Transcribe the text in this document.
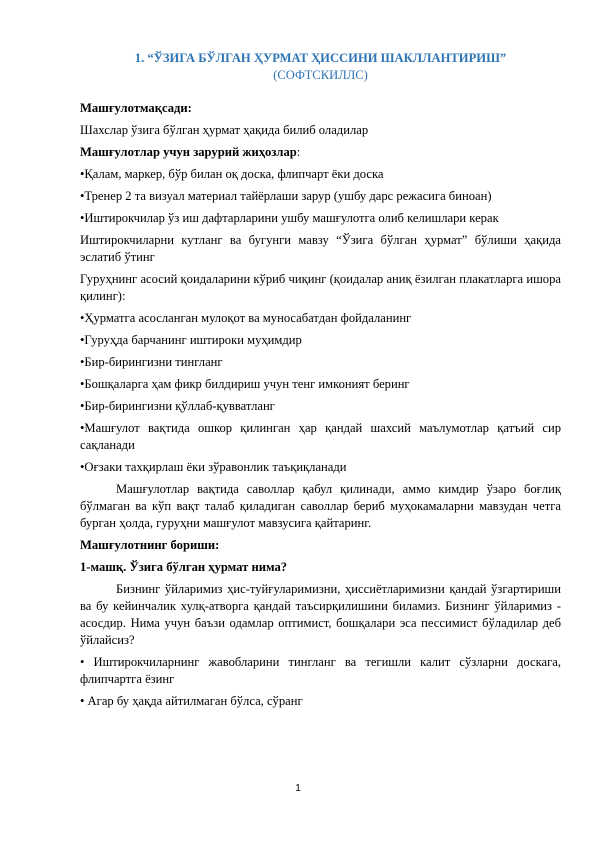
1. “ЎЗИГА БЎЛГАН ҲУРМАТ ҲИССИНИ ШАКЛЛАНТИРИШ”
(СОФТСКИЛЛС)
Машғулотмақсади:
Шахслар ўзига бўлган ҳурмат ҳақида билиб оладилар
Машғулотлар учун зарурий жиҳозлар:
•Қалам, маркер, бўр билан оқ доска, флипчарт ёки доска
•Тренер 2 та визуал материал тайёрлаши зарур (ушбу дарс режасига биноан)
•Иштирокчилар ўз иш дафтарларини ушбу машғулотга олиб келишлари керак
Иштирокчиларни кутланг ва бугунги мавзу “Ўзига бўлган ҳурмат” бўлиши ҳақида эслатиб ўтинг
Гуруҳнинг асосий қоидаларини кўриб чиқинг (қоидалар аниқ ёзилган плакатларга ишора қилинг):
•Ҳурматга асосланган мулоқот ва муносабатдан фойдаланинг
•Гуруҳда барчанинг иштироки муҳимдир
•Бир-бирингизни тингланг
•Бошқаларга ҳам фикр билдириш учун тенг имконият беринг
•Бир-бирингизни қўллаб-қувватланг
•Машғулот вақтида ошкор қилинган ҳар қандай шахсий маълумотлар қатъий сир сақланади
•Оғзаки тахқирлаш ёки зўравонлик таъқиқланади
Машғулотлар вақтида саволлар қабул қилинади, аммо кимдир ўзаро боғлиқ бўлмаган ва кўп вақт талаб қиладиган саволлар бериб муҳокамаларни мавзудан четга бурган ҳолда, гуруҳни машғулот мавзусига қайтаринг.
Машғулотнинг бориши:
1-машқ. Ўзига бўлган ҳурмат нима?
Бизнинг ўйларимиз ҳис-туйғуларимизни, ҳиссиётларимизни қандай ўзгартириши ва бу кейинчалик хулқ-атворга қандай таъсирқилишини биламиз. Бизнинг ўйларимиз - асосдир. Нима учун баъзи одамлар оптимист, бошқалари эса пессимист бўладилар деб ўйлайсиз?
• Иштирокчиларнинг жавобларини тингланг ва тегишли калит сўзларни доскага, флипчартга ёзинг
• Агар бу ҳақда айтилмаган бўлса, сўранг
1
